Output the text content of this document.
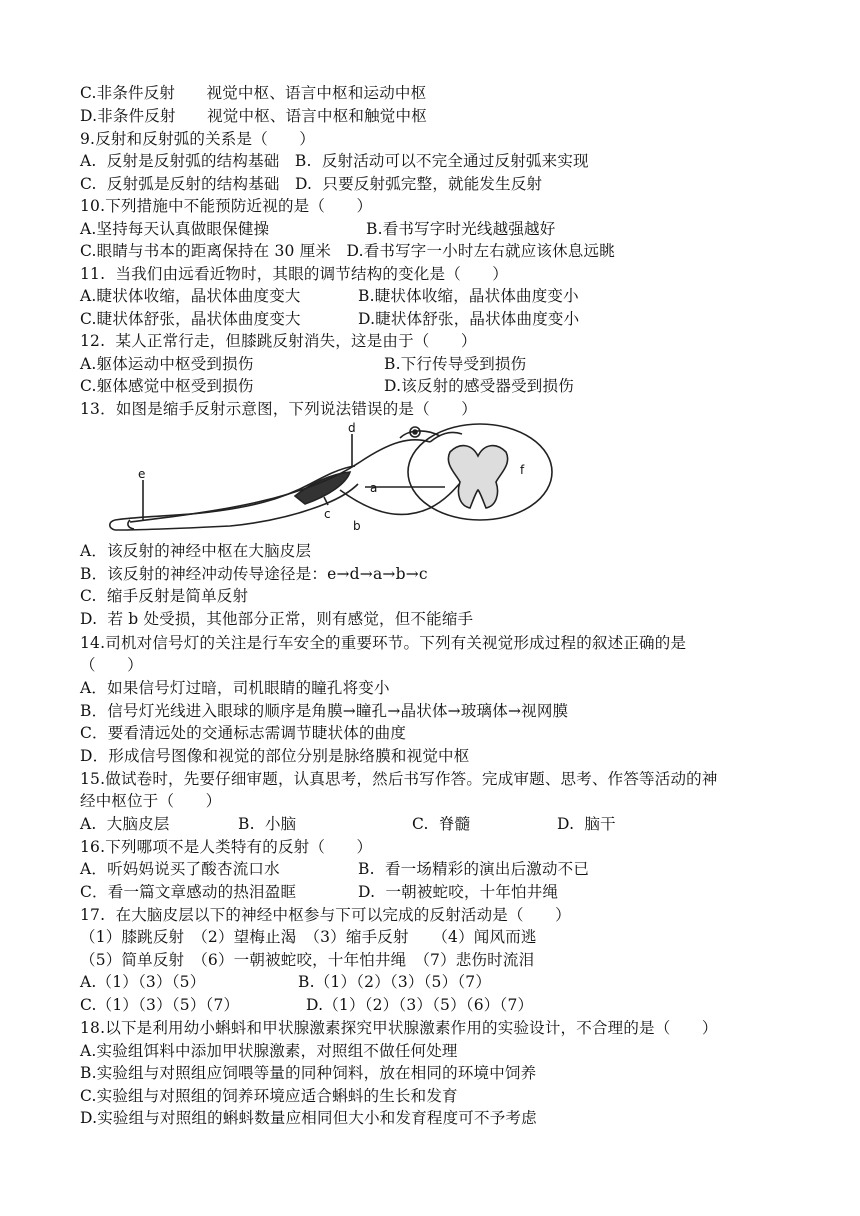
C.非条件反射　　视觉中枢、语言中枢和运动中枢
D.非条件反射　　视觉中枢、语言中枢和触觉中枢
9.反射和反射弧的关系是（　　）
A.  反射是反射弧的结构基础   B.  反射活动可以不完全通过反射弧来实现
C.  反射弧是反射的结构基础   D.  只要反射弧完整，就能发生反射
10.下列措施中不能预防近视的是（　　）
A.坚持每天认真做眼保健操	B.看书写字时光线越强越好
C.眼睛与书本的距离保持在 30 厘米   D.看书写字一小时左右就应该休息远眺
11.  当我们由远看近物时，其眼的调节结构的变化是（　　）
A.睫状体收缩，晶状体曲度变大	B.睫状体收缩，晶状体曲度变小
C.睫状体舒张，晶状体曲度变大	D.睫状体舒张，晶状体曲度变小
12.  某人正常行走，但膝跳反射消失，这是由于（　　）
A.躯体运动中枢受到损伤	B.下行传导受到损伤
C.躯体感觉中枢受到损伤	D.该反射的感受器受到损伤
13．如图是缩手反射示意图，下列说法错误的是（　　）
d
e
c
b
a
f
A．该反射的神经中枢在大脑皮层
B．该反射的神经冲动传导途径是：e→d→a→b→c
C.  缩手反射是简单反射
D.  若 b 处受损，其他部分正常，则有感觉，但不能缩手
14.司机对信号灯的关注是行车安全的重要环节。下列有关视觉形成过程的叙述正确的是
（　　）
A．如果信号灯过暗，司机眼睛的瞳孔将变小
B．信号灯光线进入眼球的顺序是角膜→瞳孔→晶状体→玻璃体→视网膜
C．要看清远处的交通标志需调节睫状体的曲度
D．形成信号图像和视觉的部位分别是脉络膜和视觉中枢
15.做试卷时，先要仔细审题，认真思考，然后书写作答。完成审题、思考、作答等活动的神
经中枢位于（　　）
A.  大脑皮层	B.  小脑	C.  脊髓	D.  脑干
16.下列哪项不是人类特有的反射（　　）
A．听妈妈说买了酸杏流口水	B.  看一场精彩的演出后激动不已
C．看一篇文章感动的热泪盈眶	D.  一朝被蛇咬，十年怕井绳
17.  在大脑皮层以下的神经中枢参与下可以完成的反射活动是（　　）
（1）膝跳反射　（2）望梅止渴　（3）缩手反射　　（4）闻风而逃
（5）简单反射　（6）一朝被蛇咬，十年怕井绳　（7）悲伤时流泪
A.（1）（3）（5）	B.（1）（2）（3）（5）（7）
C.（1）（3）（5）（7）	D.（1）（2）（3）（5）（6）（7）
18.以下是利用幼小蝌蚪和甲状腺激素探究甲状腺激素作用的实验设计，不合理的是（　　）
A.实验组饵料中添加甲状腺激素，对照组不做任何处理
B.实验组与对照组应饲喂等量的同种饲料，放在相同的环境中饲养
C.实验组与对照组的饲养环境应适合蝌蚪的生长和发育
D.实验组与对照组的蝌蚪数量应相同但大小和发育程度可不予考虑
